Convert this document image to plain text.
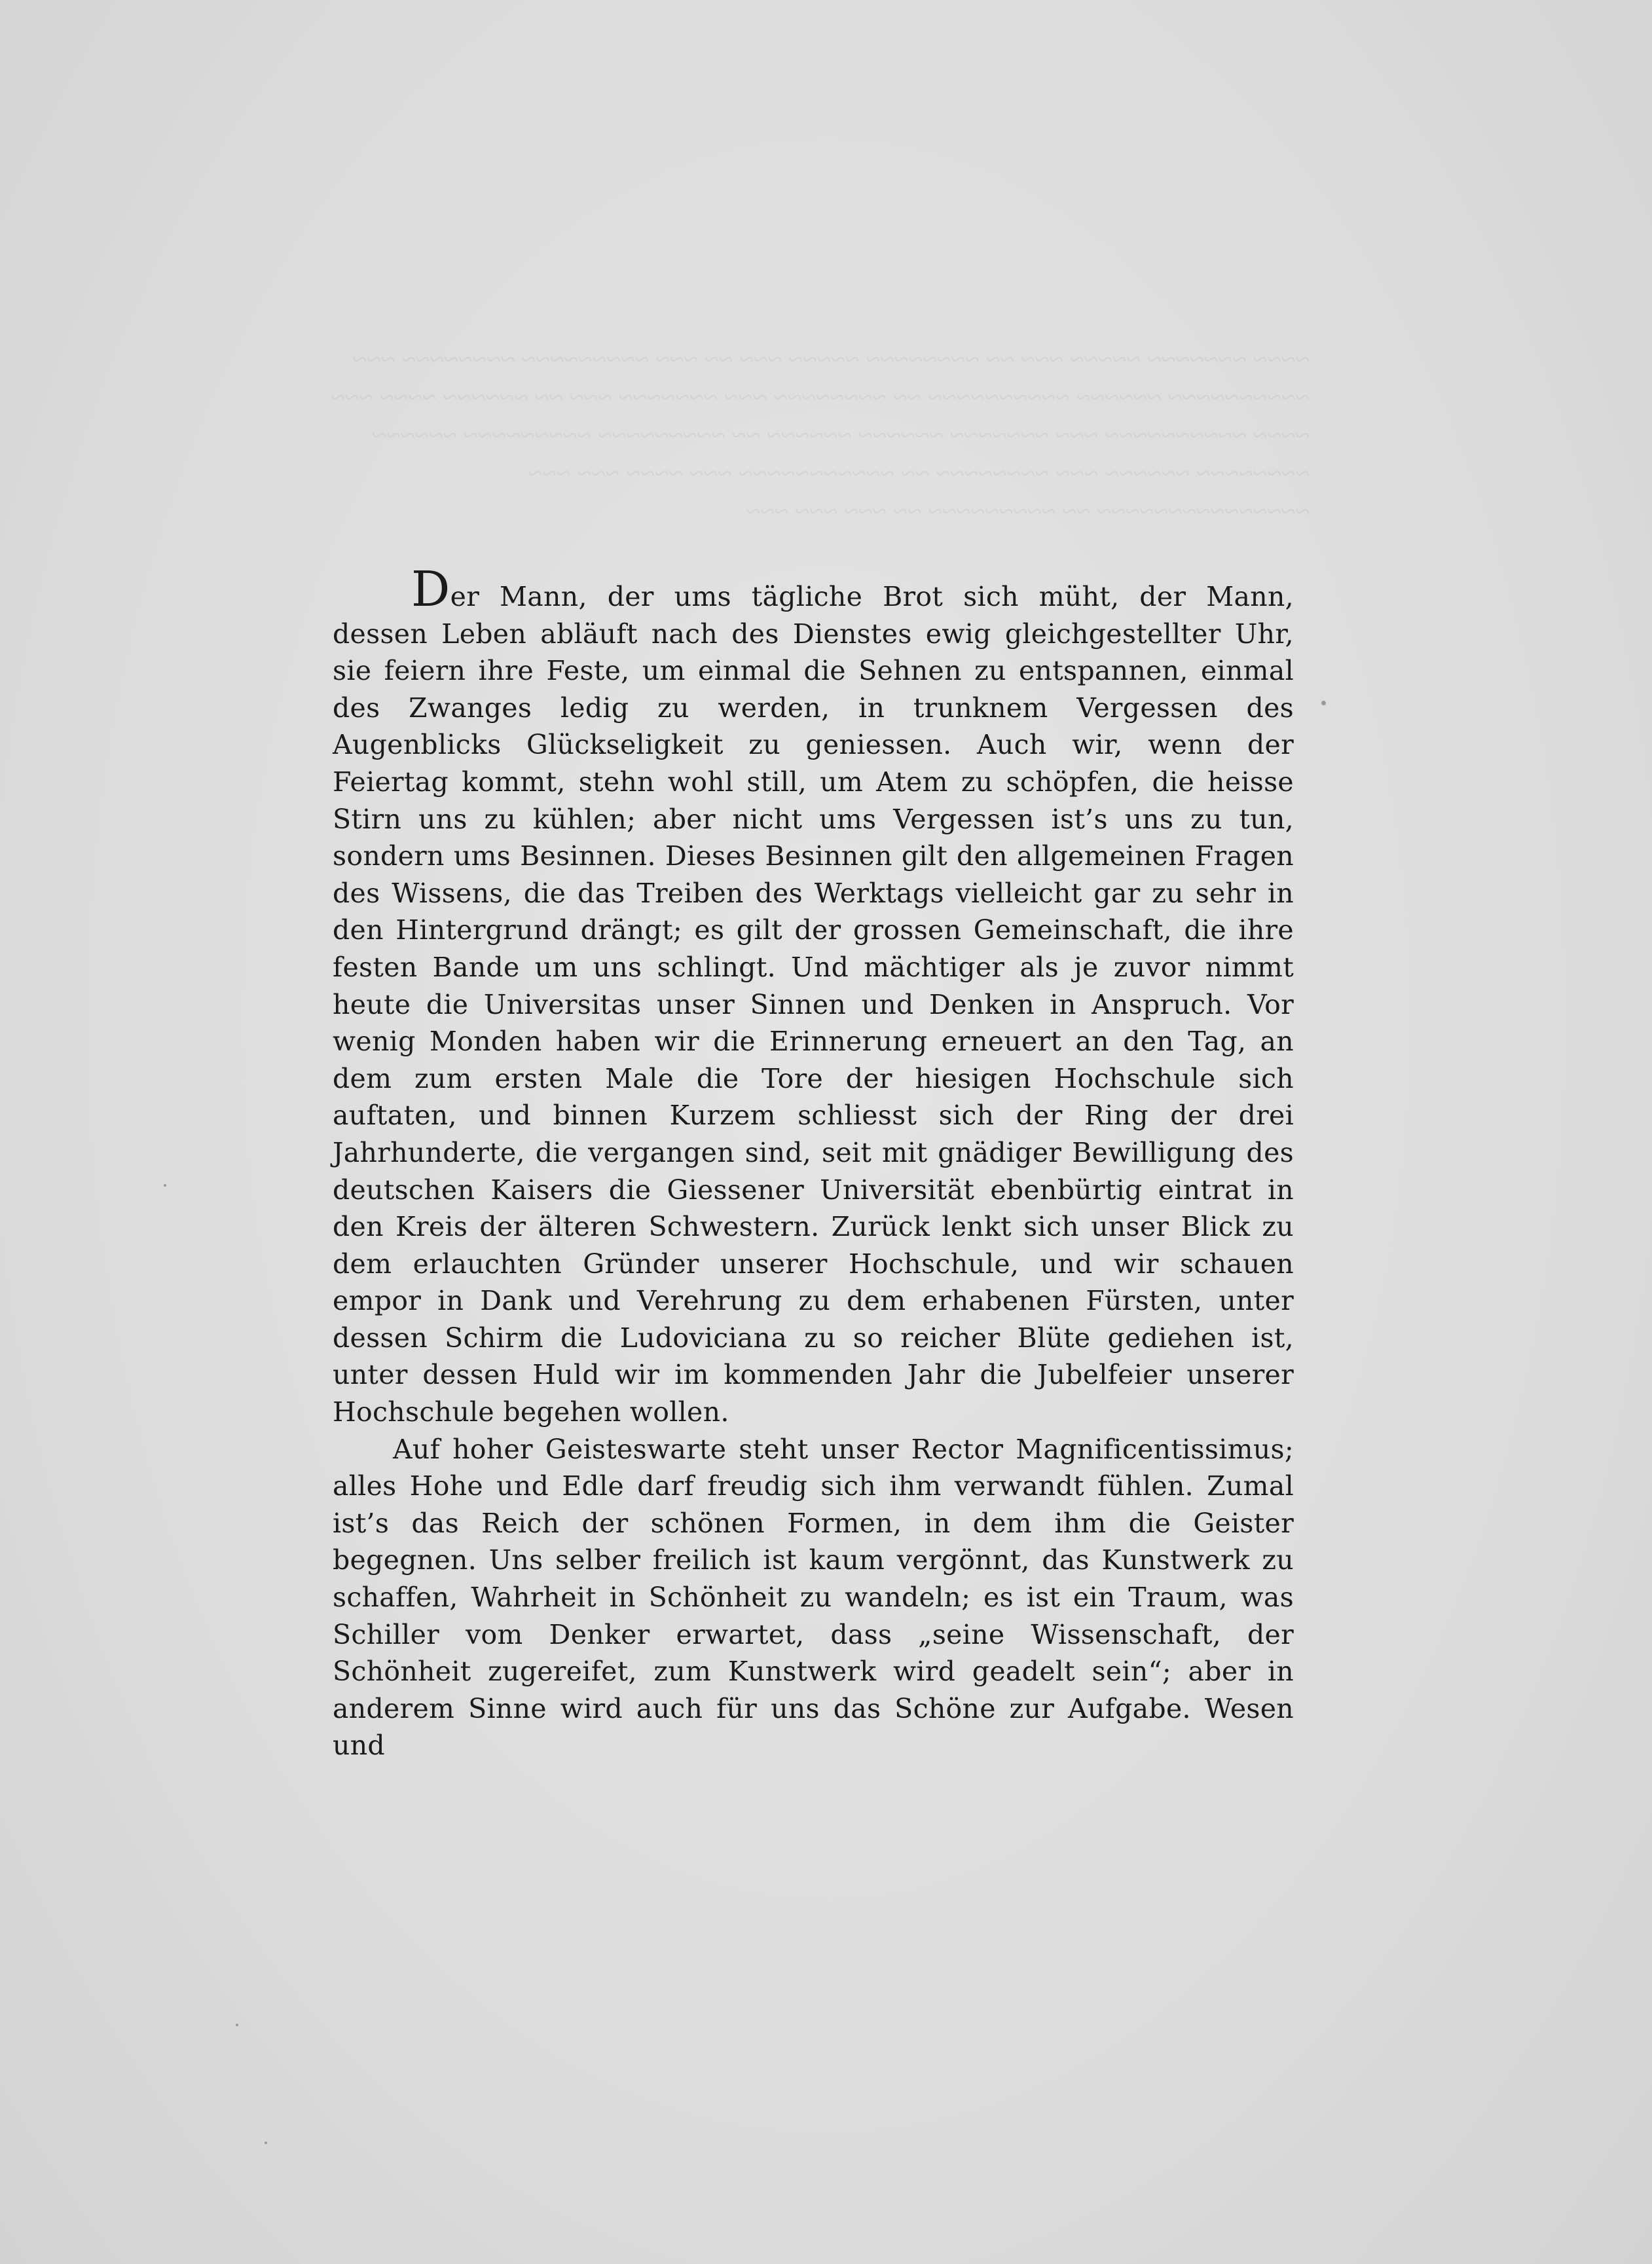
~~~~ ~~~~~~~ ~~~~~ ~~~ ~~ ~~~~~~~~ ~~~~~ ~~~ ~~ ~~~ ~~~~~~~~~ ~~~~~~~~ ~~~ ~~~~~~~~~~ ~~~~~~ ~~~~~~~~~~ ~~ ~~~~~~~~ ~~~ ~~~~~~~ ~~~ ~~ ~~~~~~ ~~~~ ~~~ ~~~~ ~~~~~~~~~~ ~~~ ~~~~~~~ ~~~~~~ ~~~~~~ ~~ ~~~~~~~~~ ~~~~~~~~~ ~~~~~~ ~~~~~~~~ ~~~~~~ ~~~ ~~~~~~~~ ~~ ~~~~~~~~~~~ ~~~ ~~~~ ~~~ ~~~ ~~~~~~~~~~~~~~~ ~~ ~~~~~~~~~ ~~ ~~~ ~~~ ~~~

Der Mann, der ums tägliche Brot sich müht, der Mann, dessen Leben abläuft nach des Dienstes ewig gleichgestellter Uhr, sie feiern ihre Feste, um einmal die Sehnen zu entspannen, einmal des Zwanges ledig zu werden, in trunknem Vergessen des Augenblicks Glückseligkeit zu geniessen. Auch wir, wenn der Feiertag kommt, stehn wohl still, um Atem zu schöpfen, die heisse Stirn uns zu kühlen; aber nicht ums Vergessen ist’s uns zu tun, sondern ums Besinnen. Dieses Besinnen gilt den allgemeinen Fragen des Wissens, die das Treiben des Werktags vielleicht gar zu sehr in den Hintergrund drängt; es gilt der grossen Gemeinschaft, die ihre festen Bande um uns schlingt. Und mächtiger als je zuvor nimmt heute die Universitas unser Sinnen und Denken in Anspruch. Vor wenig Monden haben wir die Erinnerung erneuert an den Tag, an dem zum ersten Male die Tore der hiesigen Hochschule sich auftaten, und binnen Kurzem schliesst sich der Ring der drei Jahrhunderte, die vergangen sind, seit mit gnädiger Bewilligung des deutschen Kaisers die Giessener Universität ebenbürtig eintrat in den Kreis der älteren Schwestern. Zurück lenkt sich unser Blick zu dem erlauchten Gründer unserer Hochschule, und wir schauen empor in Dank und Verehrung zu dem erhabenen Fürsten, unter dessen Schirm die Ludoviciana zu so reicher Blüte gediehen ist, unter dessen Huld wir im kommenden Jahr die Jubelfeier unserer Hochschule begehen wollen.

Auf hoher Geisteswarte steht unser Rector Magnificentissimus; alles Hohe und Edle darf freudig sich ihm verwandt fühlen. Zumal ist’s das Reich der schönen Formen, in dem ihm die Geister begegnen. Uns selber freilich ist kaum vergönnt, das Kunstwerk zu schaffen, Wahrheit in Schönheit zu wandeln; es ist ein Traum, was Schiller vom Denker erwartet, dass „seine Wissenschaft, der Schönheit zugereifet, zum Kunstwerk wird geadelt sein“; aber in anderem Sinne wird auch für uns das Schöne zur Aufgabe. Wesen und
